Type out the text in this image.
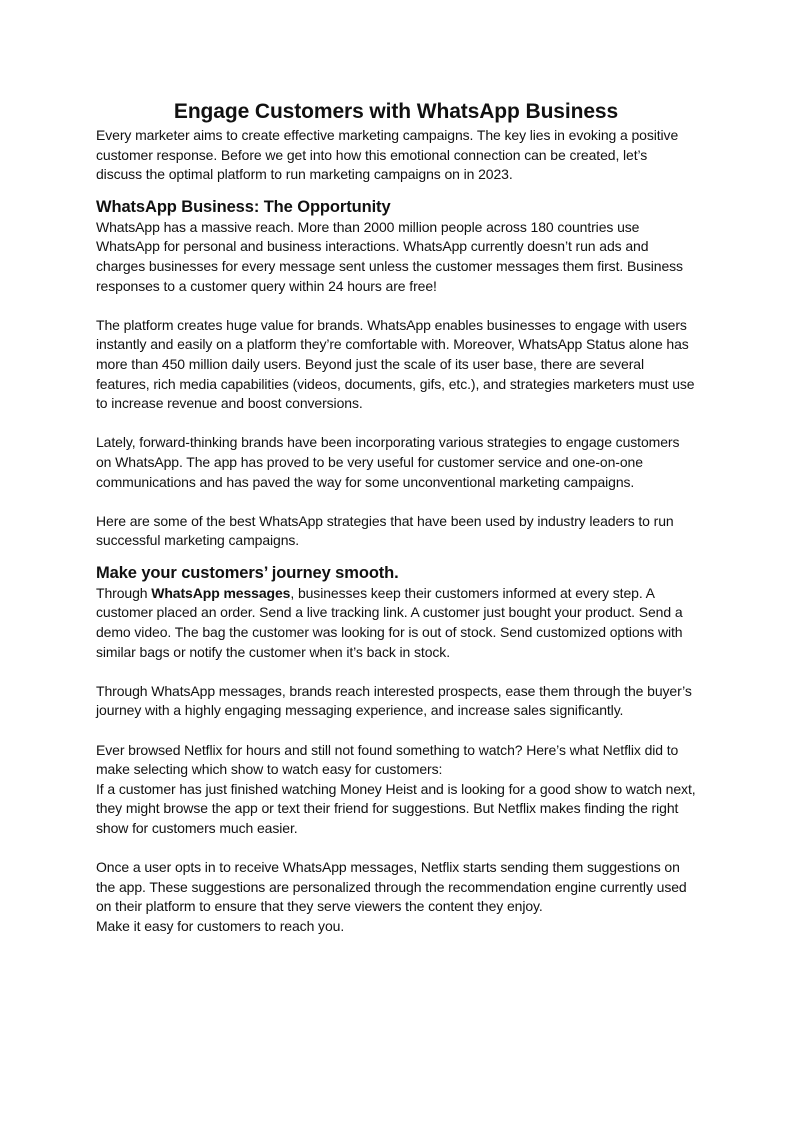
Engage Customers with WhatsApp Business

Every marketer aims to create effective marketing campaigns. The key lies in evoking a positive customer response. Before we get into how this emotional connection can be created, let’s discuss the optimal platform to run marketing campaigns on in 2023.

WhatsApp Business: The Opportunity

WhatsApp has a massive reach. More than 2000 million people across 180 countries use WhatsApp for personal and business interactions. WhatsApp currently doesn’t run ads and charges businesses for every message sent unless the customer messages them first. Business responses to a customer query within 24 hours are free!

The platform creates huge value for brands. WhatsApp enables businesses to engage with users instantly and easily on a platform they’re comfortable with. Moreover, WhatsApp Status alone has more than 450 million daily users. Beyond just the scale of its user base, there are several features, rich media capabilities (videos, documents, gifs, etc.), and strategies marketers must use to increase revenue and boost conversions.

Lately, forward-thinking brands have been incorporating various strategies to engage customers on WhatsApp. The app has proved to be very useful for customer service and one-on-one communications and has paved the way for some unconventional marketing campaigns.

Here are some of the best WhatsApp strategies that have been used by industry leaders to run successful marketing campaigns.

Make your customers’ journey smooth.

Through WhatsApp messages, businesses keep their customers informed at every step. A customer placed an order. Send a live tracking link. A customer just bought your product. Send a demo video. The bag the customer was looking for is out of stock. Send customized options with similar bags or notify the customer when it’s back in stock.

Through WhatsApp messages, brands reach interested prospects, ease them through the buyer’s journey with a highly engaging messaging experience, and increase sales significantly.

Ever browsed Netflix for hours and still not found something to watch? Here’s what Netflix did to make selecting which show to watch easy for customers:

If a customer has just finished watching Money Heist and is looking for a good show to watch next, they might browse the app or text their friend for suggestions. But Netflix makes finding the right show for customers much easier.

Once a user opts in to receive WhatsApp messages, Netflix starts sending them suggestions on the app. These suggestions are personalized through the recommendation engine currently used on their platform to ensure that they serve viewers the content they enjoy.

Make it easy for customers to reach you.
